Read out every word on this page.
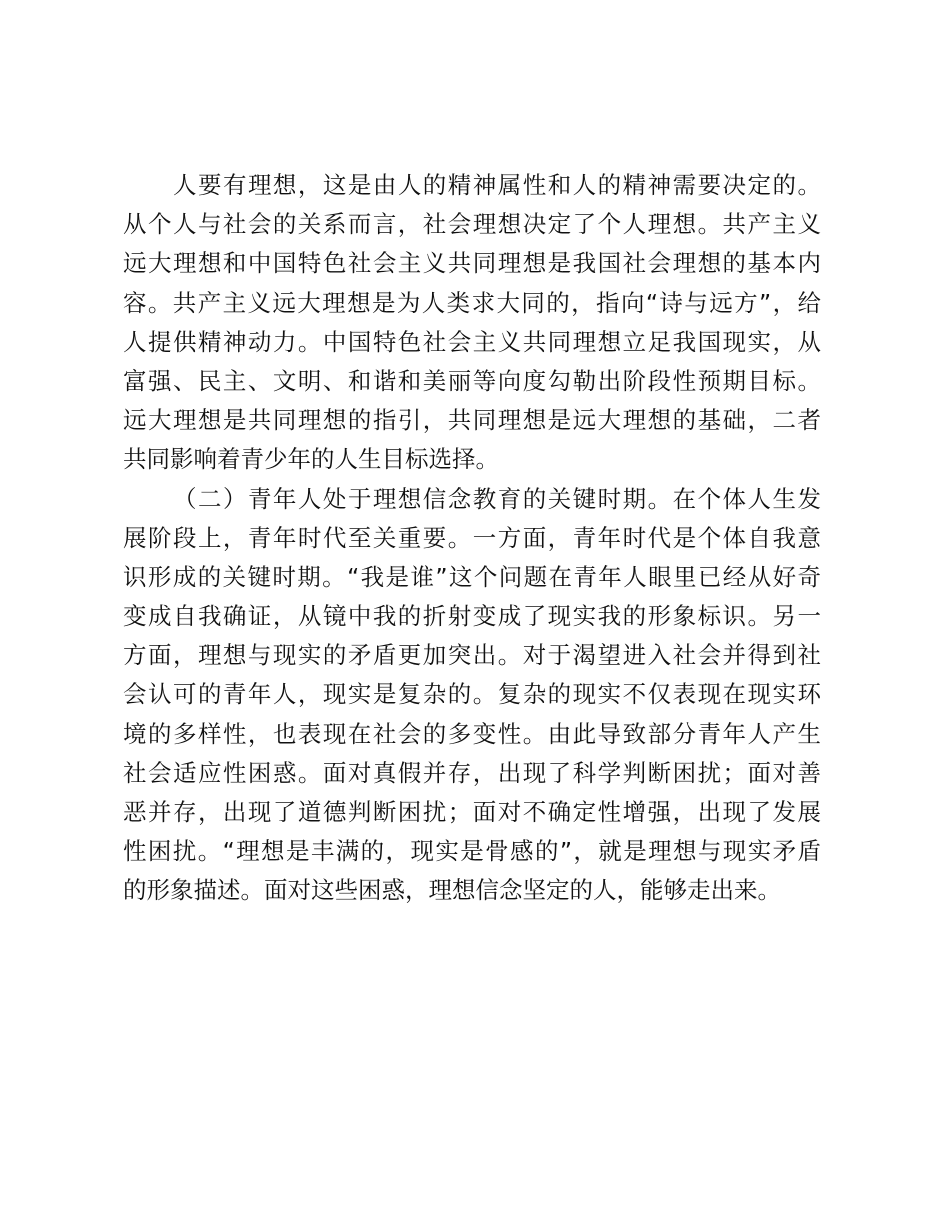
人要有理想，这是由人的精神属性和人的精神需要决定的。
从个人与社会的关系而言，社会理想决定了个人理想。共产主义
远大理想和中国特色社会主义共同理想是我国社会理想的基本内
容。共产主义远大理想是为人类求大同的，指向“诗与远方”，给
人提供精神动力。中国特色社会主义共同理想立足我国现实，从
富强、民主、文明、和谐和美丽等向度勾勒出阶段性预期目标。
远大理想是共同理想的指引，共同理想是远大理想的基础，二者
共同影响着青少年的人生目标选择。
（二）青年人处于理想信念教育的关键时期。在个体人生发
展阶段上，青年时代至关重要。一方面，青年时代是个体自我意
识形成的关键时期。“我是谁”这个问题在青年人眼里已经从好奇
变成自我确证，从镜中我的折射变成了现实我的形象标识。另一
方面，理想与现实的矛盾更加突出。对于渴望进入社会并得到社
会认可的青年人，现实是复杂的。复杂的现实不仅表现在现实环
境的多样性，也表现在社会的多变性。由此导致部分青年人产生
社会适应性困惑。面对真假并存，出现了科学判断困扰；面对善
恶并存，出现了道德判断困扰；面对不确定性增强，出现了发展
性困扰。“理想是丰满的，现实是骨感的”，就是理想与现实矛盾
的形象描述。面对这些困惑，理想信念坚定的人，能够走出来。
